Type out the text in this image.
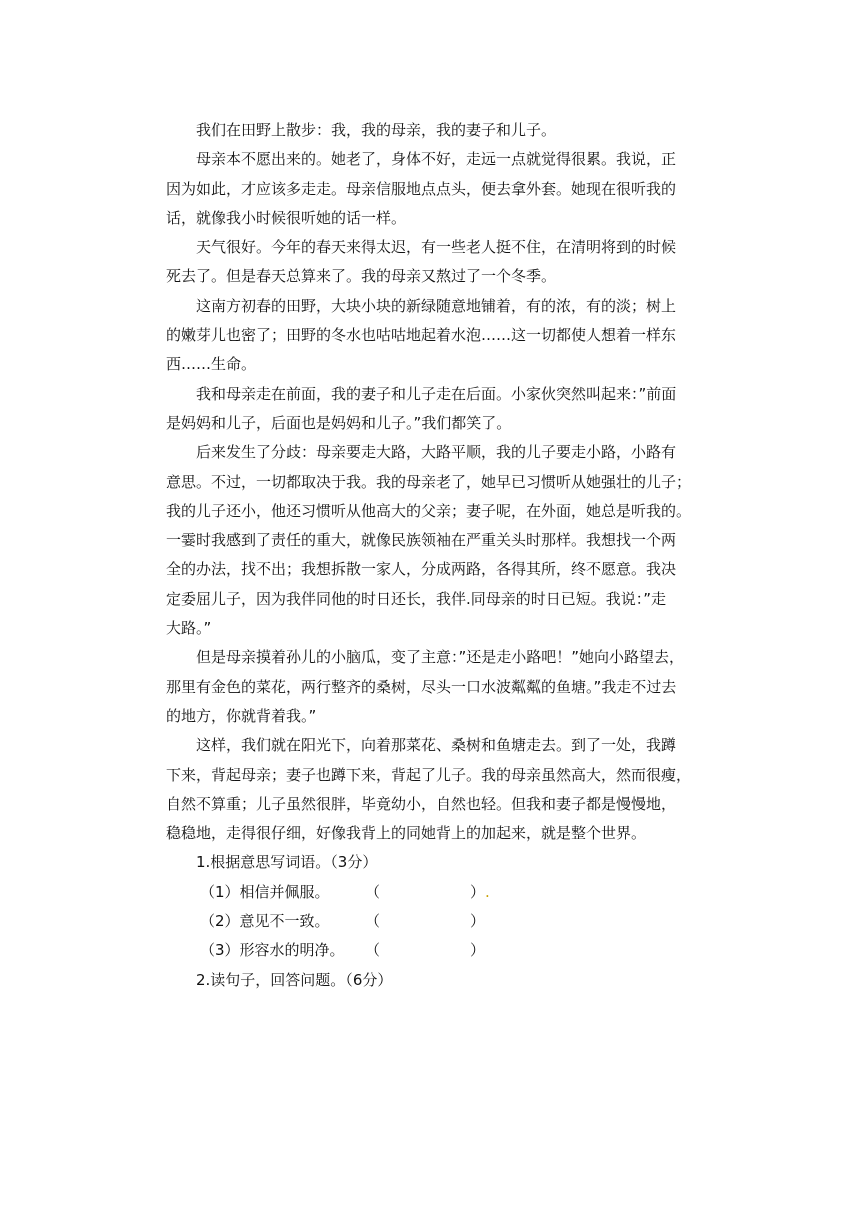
我们在田野上散步：我，我的母亲，我的妻子和儿子。

母亲本不愿出来的。她老了，身体不好，走远一点就觉得很累。我说，正
因为如此，才应该多走走。母亲信服地点点头，便去拿外套。她现在很听我的
话，就像我小时候很听她的话一样。

天气很好。今年的春天来得太迟，有一些老人挺不住，在清明将到的时候
死去了。但是春天总算来了。我的母亲又熬过了一个冬季。

这南方初春的田野，大块小块的新绿随意地铺着，有的浓，有的淡；树上
的嫩芽儿也密了；田野的冬水也咕咕地起着水泡……这一切都使人想着一样东
西……生命。

我和母亲走在前面，我的妻子和儿子走在后面。小家伙突然叫起来：”前面
是妈妈和儿子，后面也是妈妈和儿子。”我们都笑了。

后来发生了分歧：母亲要走大路，大路平顺，我的儿子要走小路，小路有
意思。不过，一切都取决于我。我的母亲老了，她早已习惯听从她强壮的儿子；
我的儿子还小，他还习惯听从他高大的父亲；妻子呢，在外面，她总是听我的。
一霎时我感到了责任的重大，就像民族领袖在严重关头时那样。我想找一个两
全的办法，找不出；我想拆散一家人，分成两路，各得其所，终不愿意。我决
定委屈儿子，因为我伴同他的时日还长，我伴.同母亲的时日已短。我说：”走
大路。”

但是母亲摸着孙儿的小脑瓜，变了主意：”还是走小路吧！”她向小路望去，
那里有金色的菜花，两行整齐的桑树，尽头一口水波粼粼的鱼塘。”我走不过去
的地方，你就背着我。”

这样，我们就在阳光下，向着那菜花、桑树和鱼塘走去。到了一处，我蹲
下来，背起母亲；妻子也蹲下来，背起了儿子。我的母亲虽然高大，然而很瘦，
自然不算重；儿子虽然很胖，毕竟幼小，自然也轻。但我和妻子都是慢慢地，
稳稳地，走得很仔细，好像我背上的同她背上的加起来，就是整个世界。

1.根据意思写词语。（3分）

（1）相信并佩服。	（	） .

（2）意见不一致。	（	）

（3）形容水的明净。	（	）

2.读句子，回答问题。（6分）
